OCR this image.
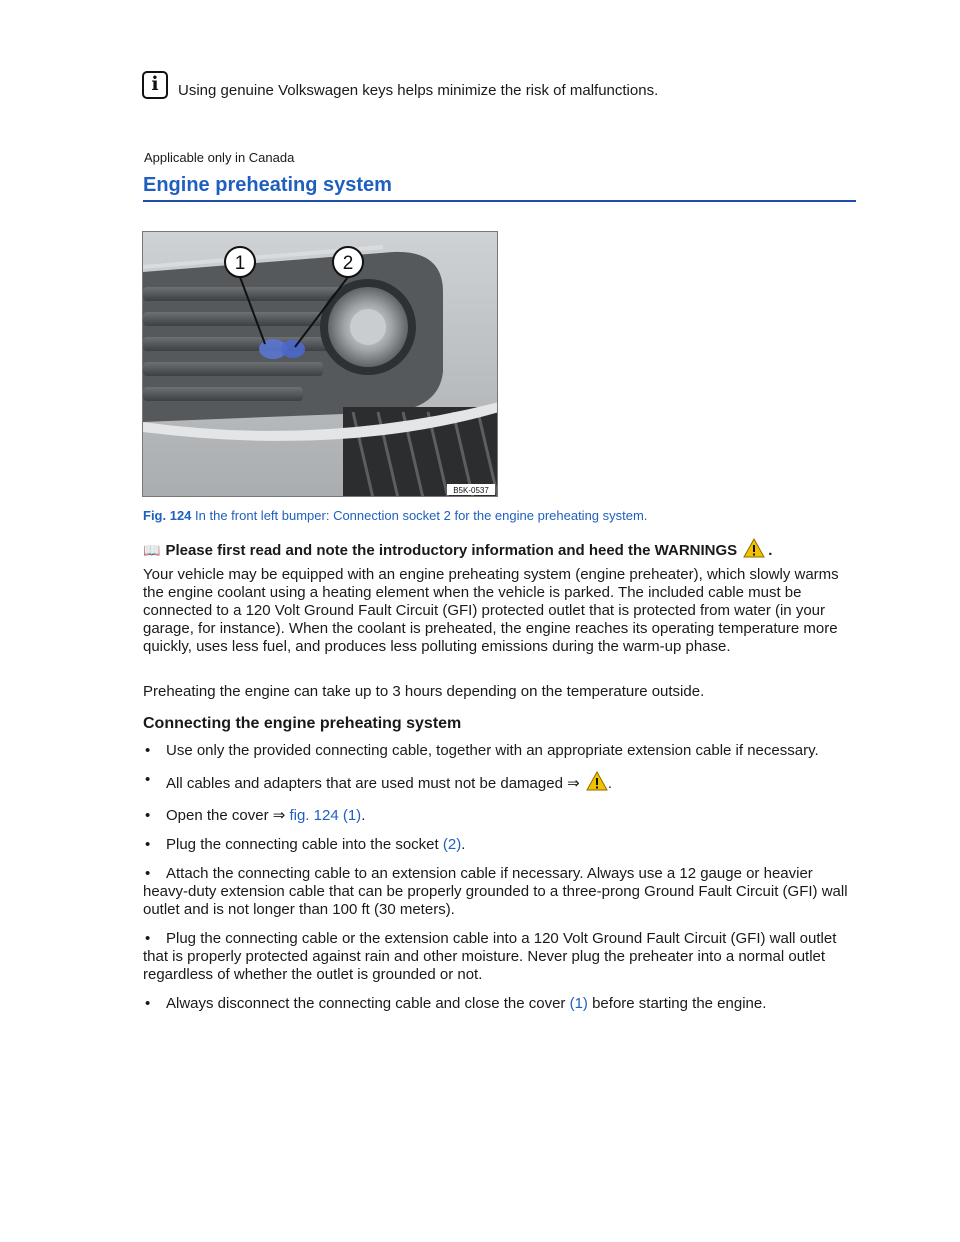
i	Using genuine Volkswagen keys helps minimize the risk of malfunctions.
Applicable only in Canada
Engine preheating system
1	2
B5K-0537
Fig. 124 In the front left bumper: Connection socket 2 for the engine preheating system.
📖 Please first read and note the introductory information and heed the WARNINGS .

Your vehicle may be equipped with an engine preheating system (engine preheater), which slowly warms the engine coolant using a heating element when the vehicle is parked. The included cable must be connected to a 120 Volt Ground Fault Circuit (GFI) protected outlet that is protected from water (in your garage, for instance). When the coolant is preheated, the engine reaches its operating temperature more quickly, uses less fuel, and produces less polluting emissions during the warm-up phase.

Preheating the engine can take up to 3 hours depending on the temperature outside.

Connecting the engine preheating system
• Use only the provided connecting cable, together with an appropriate extension cable if necessary.
• All cables and adapters that are used must not be damaged ⇒ .
• Open the cover ⇒ fig. 124 (1).
• Plug the connecting cable into the socket (2).
• Attach the connecting cable to an extension cable if necessary. Always use a 12 gauge or heavier heavy-duty extension cable that can be properly grounded to a three-prong Ground Fault Circuit (GFI) wall outlet and is not longer than 100 ft (30 meters).
• Plug the connecting cable or the extension cable into a 120 Volt Ground Fault Circuit (GFI) wall outlet that is properly protected against rain and other moisture. Never plug the preheater into a normal outlet regardless of whether the outlet is grounded or not.
• Always disconnect the connecting cable and close the cover (1) before starting the engine.
